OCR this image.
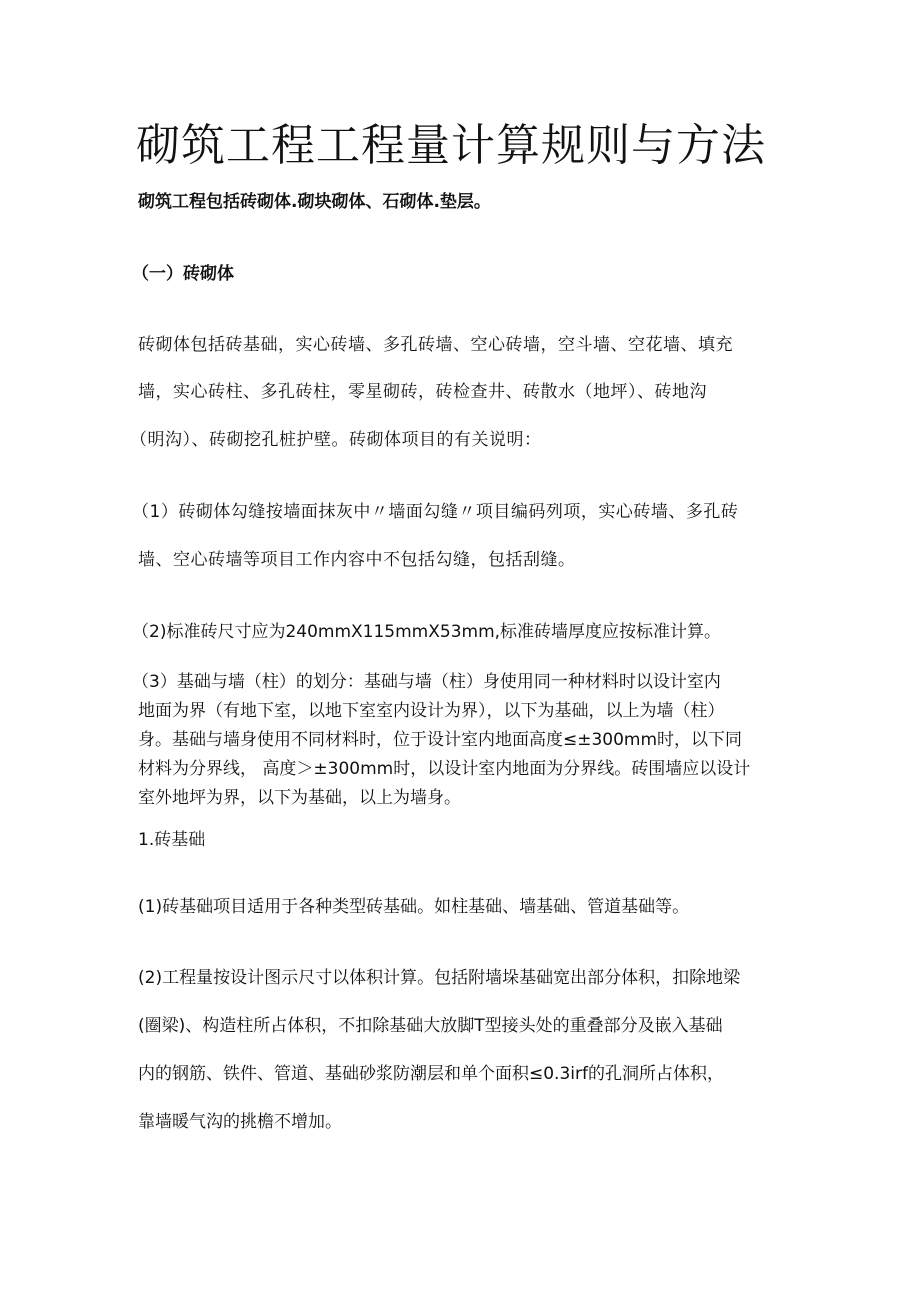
砌筑工程工程量计算规则与方法
砌筑工程包括砖砌体.砌块砌体、石砌体.垫层。
（一）砖砌体
砖砌体包括砖基础，实心砖墙、多孔砖墙、空心砖墙，空斗墙、空花墙、填充
墙，实心砖柱、多孔砖柱，零星砌砖，砖检查井、砖散水（地坪）、砖地沟
（明沟）、砖砌挖孔桩护壁。砖砌体项目的有关说明：
（1）砖砌体勾缝按墙面抹灰中〃墙面勾缝〃项目编码列项，实心砖墙、多孔砖
墙、空心砖墙等项目工作内容中不包括勾缝，包括刮缝。
（2)标准砖尺寸应为240mmX115mmX53mm,标准砖墙厚度应按标准计算。
（3）基础与墙（柱）的划分：基础与墙（柱）身使用同一种材料时以设计室内
地面为界（有地下室，以地下室室内设计为界），以下为基础，以上为墙（柱）
身。基础与墙身使用不同材料时，位于设计室内地面高度≤±300mm时，以下同
材料为分界线， 高度＞±300mm时，以设计室内地面为分界线。砖围墙应以设计
室外地坪为界，以下为基础，以上为墙身。
1.砖基础
(1)砖基础项目适用于各种类型砖基础。如柱基础、墙基础、管道基础等。
(2)工程量按设计图示尺寸以体积计算。包括附墙垛基础宽出部分体积，扣除地梁
(圈梁)、构造柱所占体积，不扣除基础大放脚T型接头处的重叠部分及嵌入基础
内的钢筋、铁件、管道、基础砂浆防潮层和单个面积≤0.3irf的孔洞所占体积，
靠墙暖气沟的挑檐不增加。
